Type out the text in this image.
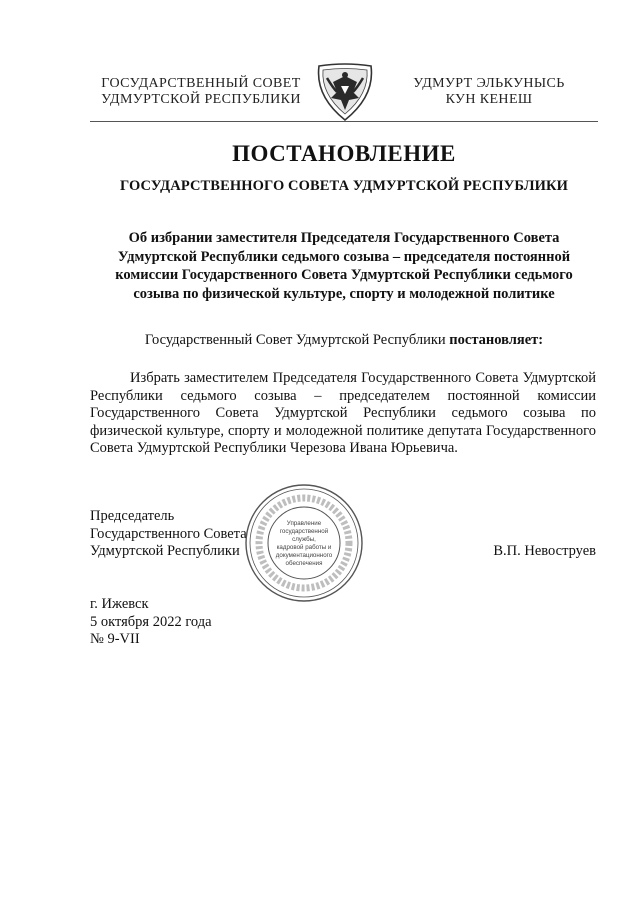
ГОСУДАРСТВЕННЫЙ СОВЕТ
УДМУРТСКОЙ РЕСПУБЛИКИ
УДМУРТ ЭЛЬКУНЫСЬ
КУН КЕНЕШ
ПОСТАНОВЛЕНИЕ
ГОСУДАРСТВЕННОГО СОВЕТА УДМУРТСКОЙ РЕСПУБЛИКИ
Об избрании заместителя Председателя Государственного Совета Удмуртской Республики седьмого созыва – председателя постоянной комиссии Государственного Совета Удмуртской Республики седьмого созыва по физической культуре, спорту и молодежной политике
Государственный Совет Удмуртской Республики постановляет:
Избрать заместителем Председателя Государственного Совета Удмуртской Республики седьмого созыва – председателем постоянной комиссии Государственного Совета Удмуртской Республики седьмого созыва по физической культуре, спорту и молодежной политике депутата Государственного Совета Удмуртской Республики Черезова Ивана Юрьевича.
Председатель
Государственного Совета
Удмуртской Республики
Управление
государственной
службы,
кадровой работы и
документационного
обеспечения
В.П. Невоструев
г. Ижевск
5 октября 2022 года
№ 9-VII
